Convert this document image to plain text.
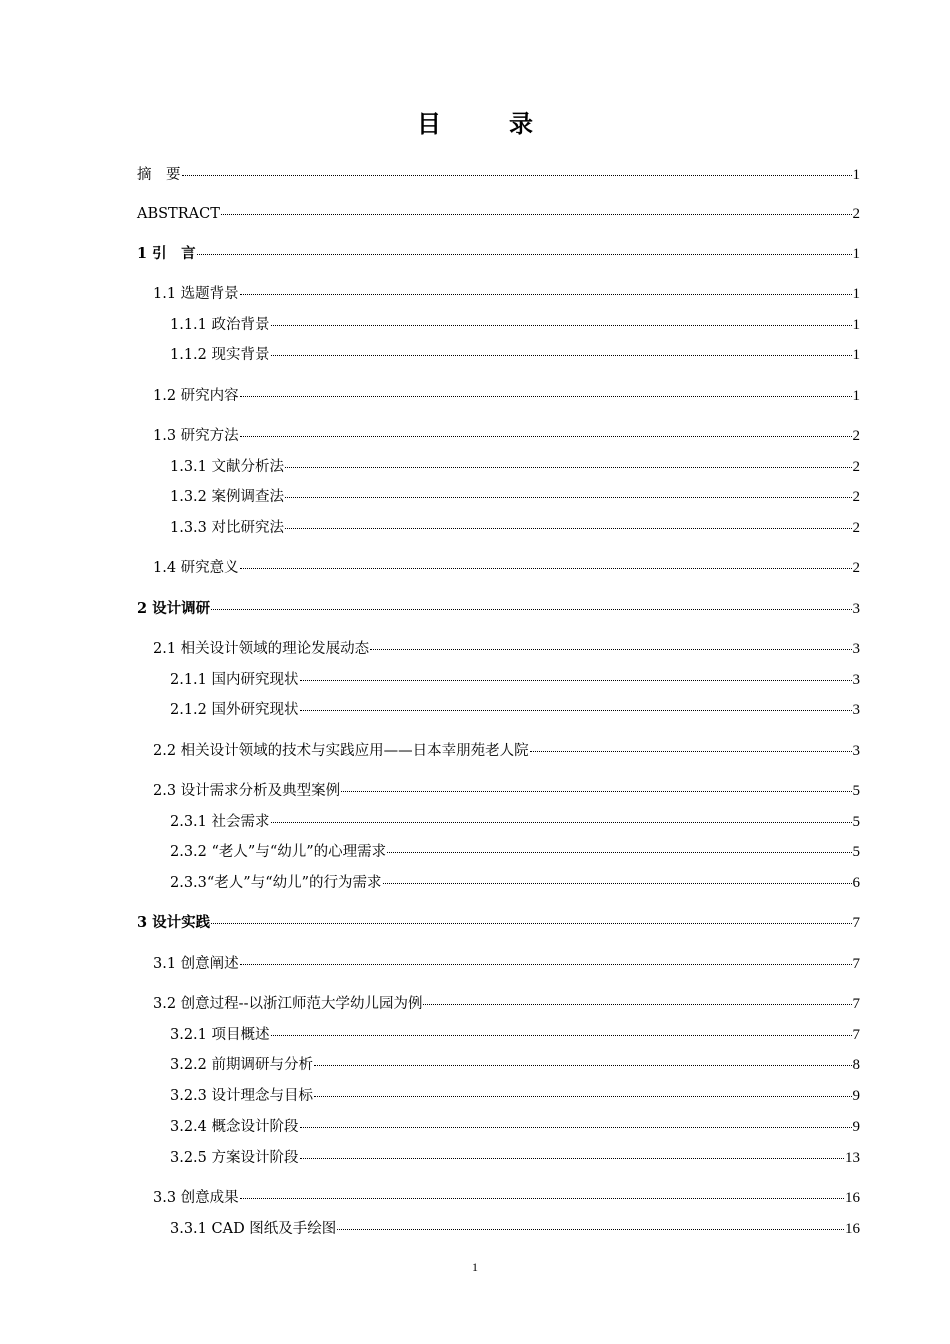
目　录
摘　要	1
ABSTRACT	2
1 引　言	1
1.1 选题背景	1
1.1.1 政治背景	1
1.1.2 现实背景	1
1.2 研究内容	1
1.3 研究方法	2
1.3.1 文献分析法	2
1.3.2 案例调查法	2
1.3.3 对比研究法	2
1.4 研究意义	2
2 设计调研	3
2.1 相关设计领域的理论发展动态	3
2.1.1 国内研究现状	3
2.1.2 国外研究现状	3
2.2 相关设计领域的技术与实践应用——日本幸朋苑老人院	3
2.3 设计需求分析及典型案例	5
2.3.1 社会需求	5
2.3.2 “老人”与“幼儿”的心理需求	5
2.3.3“老人”与“幼儿”的行为需求	6
3 设计实践	7
3.1 创意阐述	7
3.2 创意过程--以浙江师范大学幼儿园为例	7
3.2.1 项目概述	7
3.2.2 前期调研与分析	8
3.2.3 设计理念与目标	9
3.2.4 概念设计阶段	9
3.2.5 方案设计阶段	13
3.3 创意成果	16
3.3.1 CAD 图纸及手绘图	16
1
